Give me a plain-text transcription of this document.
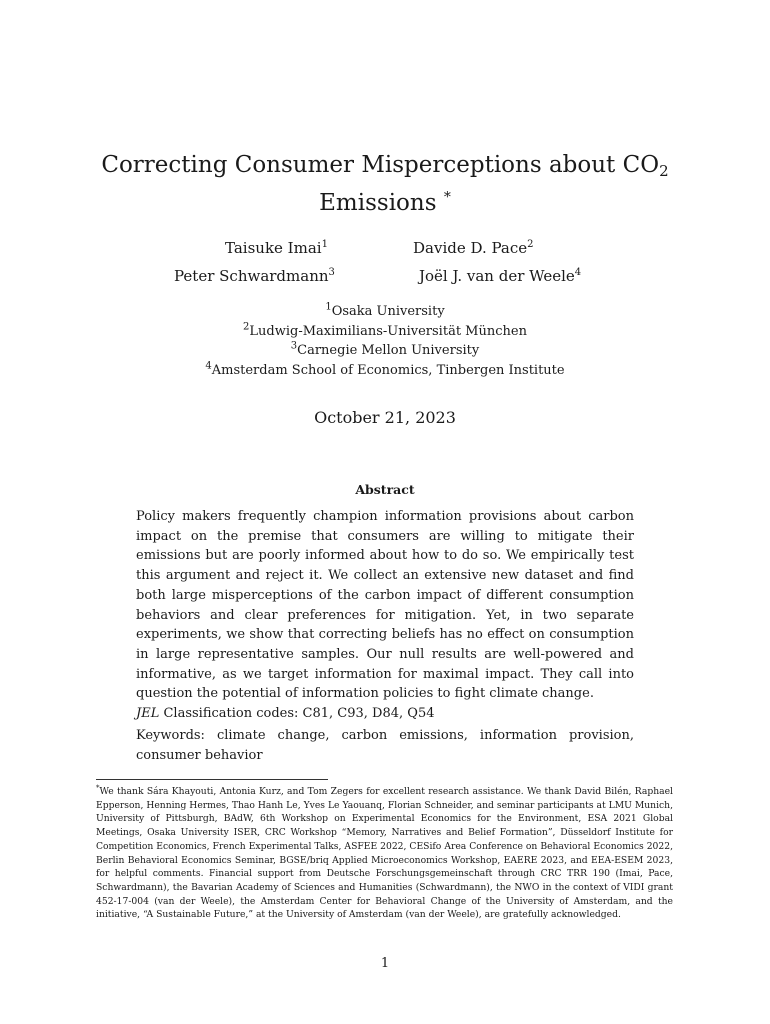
Correcting Consumer Misperceptions about $CO_2$
Emissions *
Taisuke Imai$^1$	Davide D. Pace$^2$
Peter Schwardmann$^3$	Joël J. van der Weele$^4$
$^1$Osaka University
$^2$Ludwig-Maximilians-Universität München
$^3$Carnegie Mellon University
$^4$Amsterdam School of Economics, Tinbergen Institute
October 21, 2023
Abstract
Policy makers frequently champion information provisions about carbon impact on the premise that consumers are willing to mitigate their emissions but are poorly informed about how to do so. We empirically test this argument and reject it. We collect an extensive new dataset and find both large misperceptions of the carbon impact of different consumption behaviors and clear preferences for mitigation. Yet, in two separate experiments, we show that correcting beliefs has no effect on consumption in large representative samples. Our null results are well-powered and informative, as we target information for maximal impact. They call into question the potential of information policies to fight climate change.
JEL Classification codes: C81, C93, D84, Q54
Keywords: climate change, carbon emissions, information provision, consumer behavior
*We thank Sára Khayouti, Antonia Kurz, and Tom Zegers for excellent research assistance. We thank David Bilén, Raphael Epperson, Henning Hermes, Thao Hanh Le, Yves Le Yaouanq, Florian Schneider, and seminar participants at LMU Munich, University of Pittsburgh, BAdW, 6th Workshop on Experimental Economics for the Environment, ESA 2021 Global Meetings, Osaka University ISER, CRC Workshop “Memory, Narratives and Belief Formation”, Düsseldorf Institute for Competition Economics, French Experimental Talks, ASFEE 2022, CESifo Area Conference on Behavioral Economics 2022, Berlin Behavioral Economics Seminar, BGSE/briq Applied Microeconomics Workshop, EAERE 2023, and EEA-ESEM 2023, for helpful comments. Financial support from Deutsche Forschungsgemeinschaft through CRC TRR 190 (Imai, Pace, Schwardmann), the Bavarian Academy of Sciences and Humanities (Schwardmann), the NWO in the context of VIDI grant 452-17-004 (van der Weele), the Amsterdam Center for Behavioral Change of the University of Amsterdam, and the initiative, “A Sustainable Future,” at the University of Amsterdam (van der Weele), are gratefully acknowledged.
1
